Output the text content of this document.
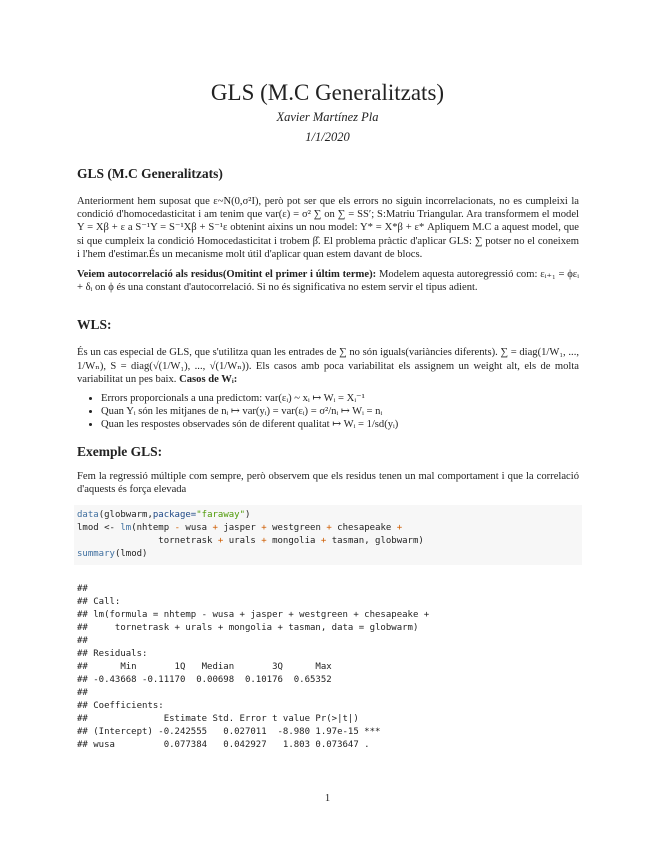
GLS (M.C Generalitzats)
Xavier Martínez Pla
1/1/2020
GLS (M.C Generalitzats)

Anteriorment hem suposat que ε~N(0,σ²I), però pot ser que els errors no siguin incorrelacionats, no es cumpleixi la condició d'homocedasticitat i am tenim que var(ε) = σ² ∑ on ∑ = SS′; S:Matriu Triangular. Ara transformem el model Y = Xβ + ε a S⁻¹Y = S⁻¹Xβ + S⁻¹ε obtenint aixins un nou model: Y* = X*β + ε* Apliquem M.C a aquest model, que si que cumpleix la condició Homocedasticitat i trobem β̂. El problema pràctic d'aplicar GLS: ∑ potser no el coneixem i l'hem d'estimar.És un mecanisme molt útil d'aplicar quan estem davant de blocs.

Veiem autocorrelació als residus(Omitint el primer i últim terme): Modelem aquesta autoregressió com: εᵢ₊₁ = ϕεᵢ + δᵢ on ϕ és una constant d'autocorrelació. Si no és significativa no estem servir el tipus adient.

WLS:

És un cas especial de GLS, que s'utilitza quan les entrades de ∑ no són iguals(variàncies diferents). ∑ = diag(1/W₁, ..., 1/Wₙ), S = diag(√(1/W₁), ..., √(1/Wₙ)). Els casos amb poca variabilitat els assignem un weight alt, els de molta variabilitat un pes baix. Casos de Wᵢ:

• Errors proporcionals a una predictom: var(εᵢ) ~ xᵢ ↦ Wᵢ = Xᵢ⁻¹
• Quan Yᵢ són les mitjanes de nᵢ ↦ var(yᵢ) = var(εᵢ) = σ²/nᵢ ↦ Wᵢ = nᵢ
• Quan les respostes observades són de diferent qualitat ↦ Wᵢ = 1/sd(yᵢ)
Exemple GLS:

Fem la regressió múltiple com sempre, però observem que els residus tenen un mal comportament i que la correlació d'aquests és força elevada

data(globwarm,package="faraway")
lmod <- lm(nhtemp - wusa + jasper + westgreen + chesapeake +
tornetrask + urals + mongolia + tasman, globwarm)
summary(lmod)
##
## Call:
## lm(formula = nhtemp - wusa + jasper + westgreen + chesapeake +
##     tornetrask + urals + mongolia + tasman, data = globwarm)
##
## Residuals:
##      Min       1Q   Median       3Q      Max
## -0.43668 -0.11170  0.00698  0.10176  0.65352
##
## Coefficients:
##              Estimate Std. Error t value Pr(>|t|)
## (Intercept) -0.242555   0.027011  -8.980 1.97e-15 ***
## wusa         0.077384   0.042927   1.803 0.073647 .
1
